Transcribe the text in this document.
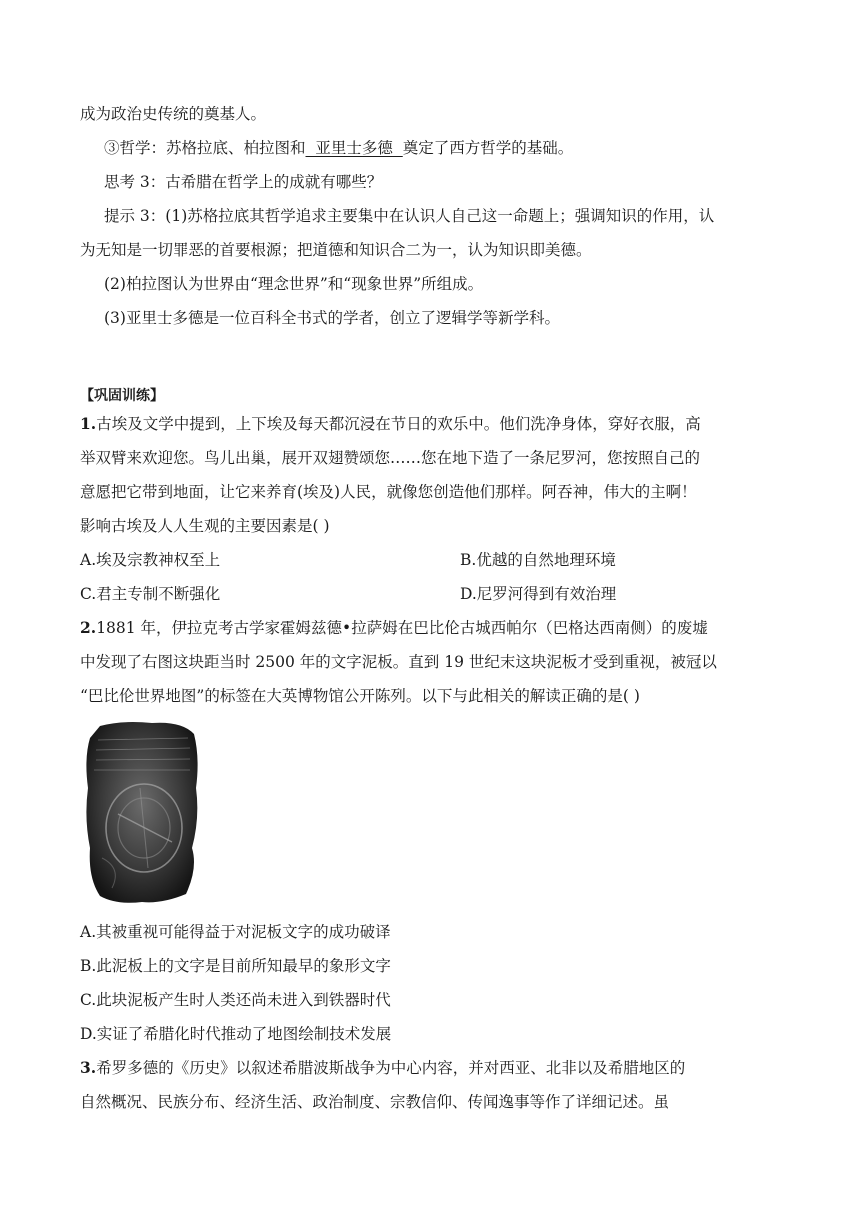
成为政治史传统的奠基人。
③哲学：苏格拉底、柏拉图和  亚里士多德  奠定了西方哲学的基础。
思考 3：古希腊在哲学上的成就有哪些？
提示 3：(1)苏格拉底其哲学追求主要集中在认识人自己这一命题上；强调知识的作用，认
为无知是一切罪恶的首要根源；把道德和知识合二为一，认为知识即美德。
(2)柏拉图认为世界由“理念世界”和“现象世界”所组成。
(3)亚里士多德是一位百科全书式的学者，创立了逻辑学等新学科。
【巩固训练】
1.古埃及文学中提到，上下埃及每天都沉浸在节日的欢乐中。他们洗净身体，穿好衣服，高
举双臂来欢迎您。鸟儿出巢，展开双翅赞颂您……您在地下造了一条尼罗河，您按照自己的
意愿把它带到地面，让它来养育(埃及)人民，就像您创造他们那样。阿吞神，伟大的主啊！
影响古埃及人人生观的主要因素是( )
A.埃及宗教神权至上	B.优越的自然地理环境
C.君主专制不断强化	D.尼罗河得到有效治理
2.1881 年，伊拉克考古学家霍姆兹德•拉萨姆在巴比伦古城西帕尔（巴格达西南侧）的废墟
中发现了右图这块距当时 2500 年的文字泥板。直到 19 世纪末这块泥板才受到重视，被冠以
“巴比伦世界地图”的标签在大英博物馆公开陈列。以下与此相关的解读正确的是( )
A.其被重视可能得益于对泥板文字的成功破译
B.此泥板上的文字是目前所知最早的象形文字
C.此块泥板产生时人类还尚未进入到铁器时代
D.实证了希腊化时代推动了地图绘制技术发展
3.希罗多德的《历史》以叙述希腊波斯战争为中心内容，并对西亚、北非以及希腊地区的
自然概况、民族分布、经济生活、政治制度、宗教信仰、传闻逸事等作了详细记述。虽
